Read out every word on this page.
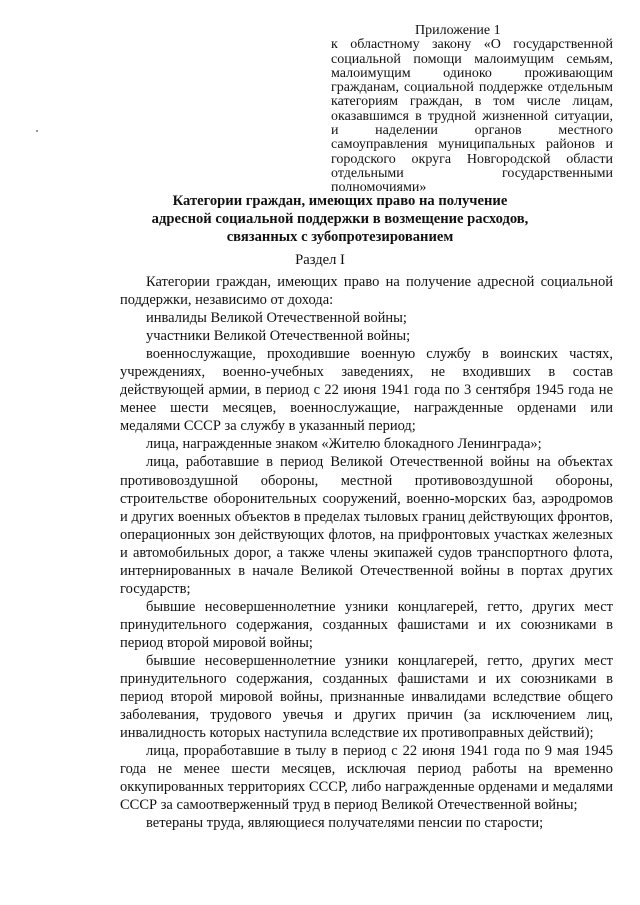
Приложение 1
к областному закону «О государственной социальной помощи малоимущим семьям, малоимущим одиноко проживающим гражданам, социальной поддержке отдельным категориям граждан, в том числе лицам, оказавшимся в трудной жизненной ситуации, и наделении органов местного самоуправления муниципальных районов и городского округа Новгородской области отдельными государственными полномочиями»
Категории граждан, имеющих право на получение
адресной социальной поддержки в возмещение расходов,
связанных с зубопротезированием
Раздел I

Категории граждан, имеющих право на получение адресной социальной поддержки, независимо от дохода:

инвалиды Великой Отечественной войны;

участники Великой Отечественной войны;

военнослужащие, проходившие военную службу в воинских частях, учреждениях, военно-учебных заведениях, не входивших в состав действующей армии, в период с 22 июня 1941 года по 3 сентября 1945 года не менее шести месяцев, военнослужащие, награжденные орденами или медалями СССР за службу в указанный период;

лица, награжденные знаком «Жителю блокадного Ленинграда»;

лица, работавшие в период Великой Отечественной войны на объектах противовоздушной обороны, местной противовоздушной обороны, строительстве оборонительных сооружений, военно-морских баз, аэродромов и других военных объектов в пределах тыловых границ действующих фронтов, операционных зон действующих флотов, на прифронтовых участках железных и автомобильных дорог, а также члены экипажей судов транспортного флота, интернированных в начале Великой Отечественной войны в портах других государств;

бывшие несовершеннолетние узники концлагерей, гетто, других мест принудительного содержания, созданных фашистами и их союзниками в период второй мировой войны;

бывшие несовершеннолетние узники концлагерей, гетто, других мест принудительного содержания, созданных фашистами и их союзниками в период второй мировой войны, признанные инвалидами вследствие общего заболевания, трудового увечья и других причин (за исключением лиц, инвалидность которых наступила вследствие их противоправных действий);

лица, проработавшие в тылу в период с 22 июня 1941 года по 9 мая 1945 года не менее шести месяцев, исключая период работы на временно оккупированных территориях СССР, либо награжденные орденами и медалями СССР за самоотверженный труд в период Великой Отечественной войны;

ветераны труда, являющиеся получателями пенсии по старости;
